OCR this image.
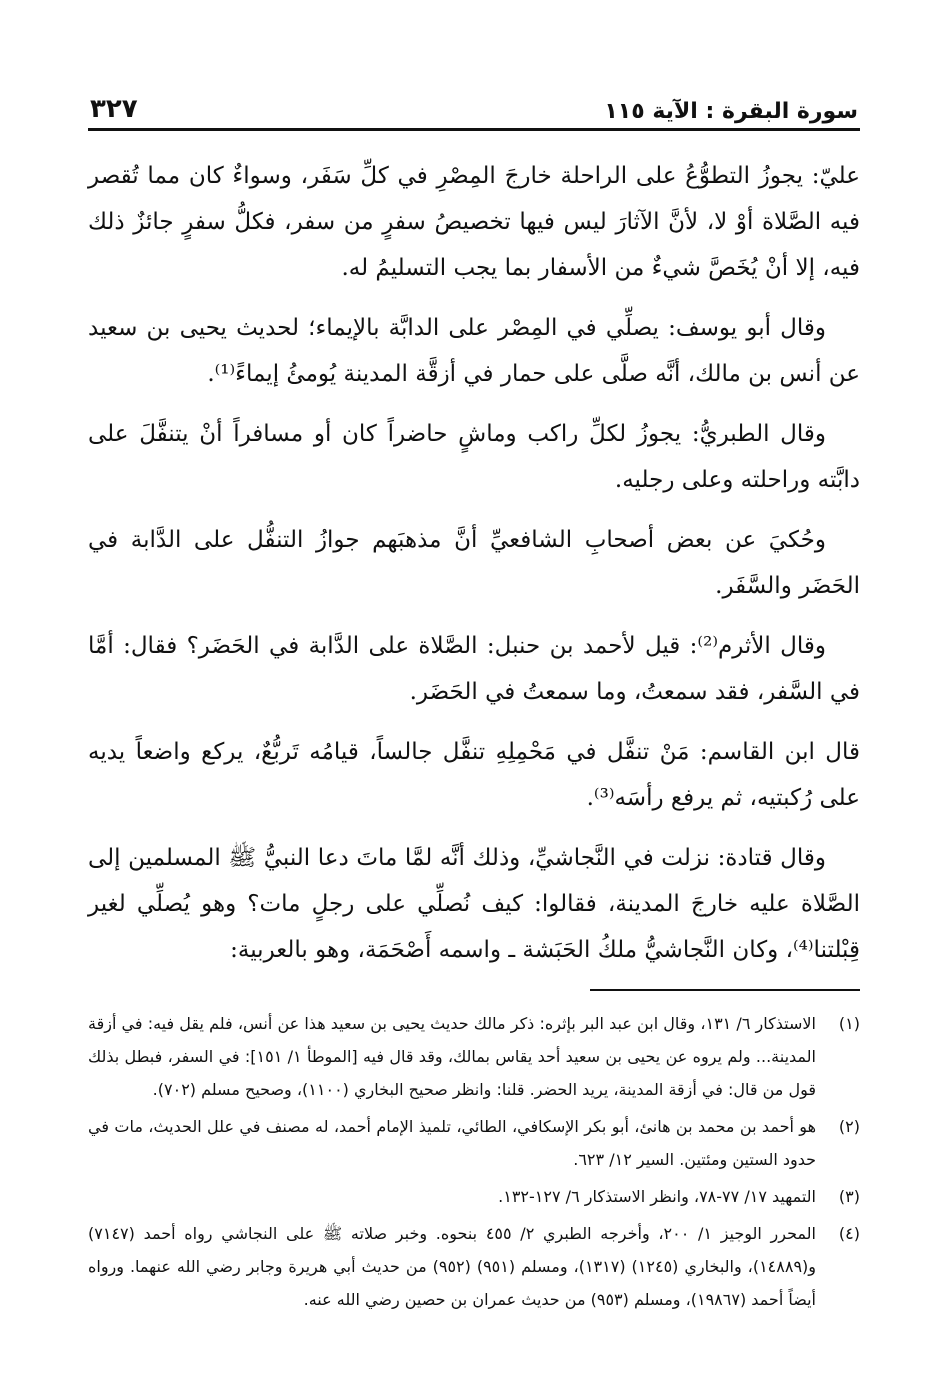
سورة البقرة : الآية ١١٥
٣٢٧

عليّ: يجوزُ التطوُّعُ على الراحلة خارجَ المِصْرِ في كلِّ سَفَر، وسواءٌ كان مما تُقصر فيه الصَّلاة أوْ لا، لأنَّ الآثارَ ليس فيها تخصيصُ سفرٍ من سفر، فكلُّ سفرٍ جائزٌ ذلك فيه، إلا أنْ يُخَصَّ شيءٌ من الأسفار بما يجب التسليمُ له.

وقال أبو يوسف: يصلِّي في المِصْر على الدابَّة بالإيماء؛ لحديث يحيى بن سعيد عن أنس بن مالك، أنَّه صلَّى على حمار في أزقَّة المدينة يُومئُ إيماءً⁽¹⁾.

وقال الطبريُّ: يجوزُ لكلِّ راكب وماشٍ حاضراً كان أو مسافراً أنْ يتنفَّلَ على دابَّته وراحلته وعلى رجليه.

وحُكيَ عن بعض أصحابِ الشافعيِّ أنَّ مذهبَهم جوازُ التنفُّل على الدَّابة في الحَضَر والسَّفَر.

وقال الأثرم⁽²⁾: قيل لأحمد بن حنبل: الصَّلاة على الدَّابة في الحَضَر؟ فقال: أمَّا في السَّفر، فقد سمعتُ، وما سمعتُ في الحَضَر.

قال ابن القاسم: مَنْ تنفَّل في مَحْمِلِهِ تنفَّل جالساً، قيامُه تَربُّعٌ، يركع واضعاً يديه على رُكبتيه، ثم يرفع رأسَه⁽³⁾.

وقال قتادة: نزلت في النَّجاشيِّ، وذلك أنَّه لمَّا ماتَ دعا النبيُّ ﷺ المسلمين إلى الصَّلاة عليه خارجَ المدينة، فقالوا: كيف نُصلِّي على رجلٍ مات؟ وهو يُصلِّي لغير قِبْلتنا⁽⁴⁾، وكان النَّجاشيُّ ملكُ الحَبَشة ـ واسمه أَصْحَمَة، وهو بالعربية:

(١)
الاستذكار ٦/ ١٣١، وقال ابن عبد البر بإثره: ذكر مالك حديث يحيى بن سعيد هذا عن أنس، فلم يقل فيه: في أزقة المدينة... ولم يروه عن يحيى بن سعيد أحد يقاس بمالك، وقد قال فيه [الموطأ ١/ ١٥١]: في السفر، فبطل بذلك قول من قال: في أزقة المدينة، يريد الحضر. قلنا: وانظر صحيح البخاري (١١٠٠)، وصحيح مسلم (٧٠٢).
(٢)
هو أحمد بن محمد بن هانئ، أبو بكر الإسكافي، الطائي، تلميذ الإمام أحمد، له مصنف في علل الحديث، مات في حدود الستين ومئتين. السير ١٢/ ٦٢٣.
(٣)
التمهيد ١٧/ ٧٧-٧٨، وانظر الاستذكار ٦/ ١٢٧-١٣٢.
(٤)
المحرر الوجيز ١/ ٢٠٠، وأخرجه الطبري ٢/ ٤٥٥ بنحوه. وخبر صلاته ﷺ على النجاشي رواه أحمد (٧١٤٧) و(١٤٨٨٩)، والبخاري (١٢٤٥) (١٣١٧)، ومسلم (٩٥١) (٩٥٢) من حديث أبي هريرة وجابر رضي الله عنهما. ورواه أيضاً أحمد (١٩٨٦٧)، ومسلم (٩٥٣) من حديث عمران بن حصين رضي الله عنه.
